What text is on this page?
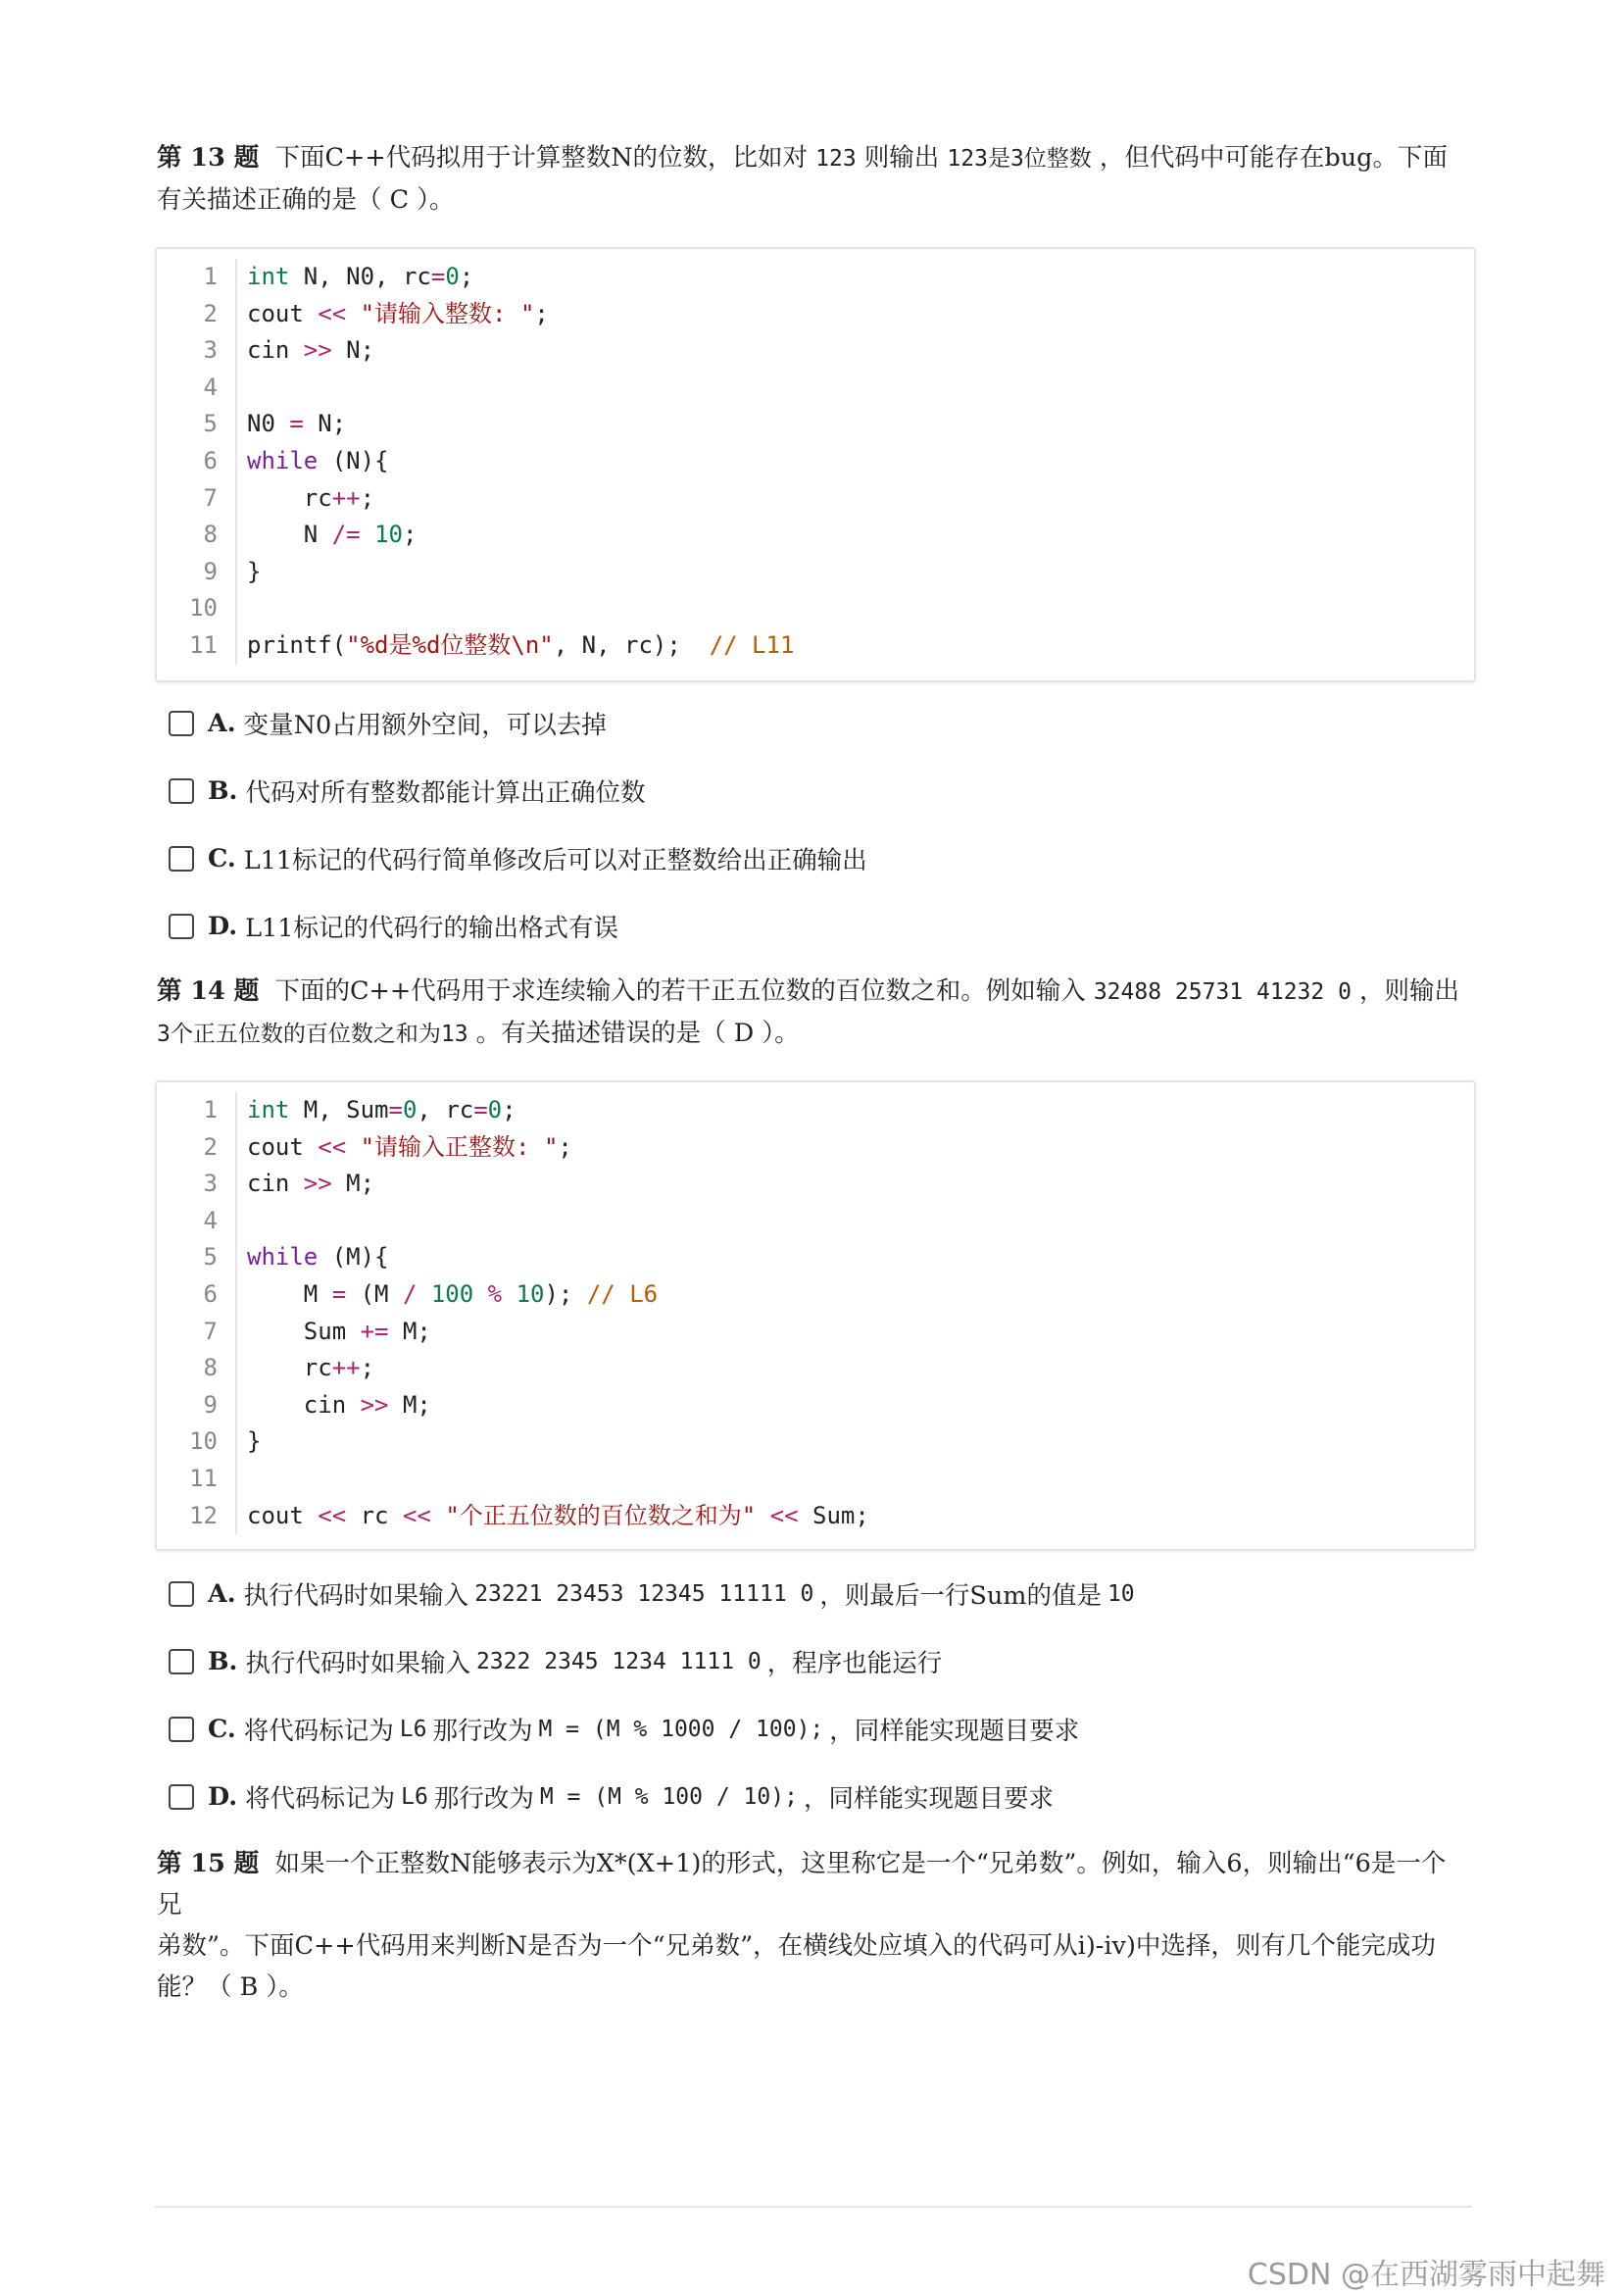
第 13 题 下面C++代码拟用于计算整数N的位数，比如对 123 则输出 123是3位整数 ，但代码中可能存在bug。下面有关描述正确的是（ C ）。
1
2
3
4
5
6
7
8
9
10
11
int N, N0, rc=0;
cout << "请输入整数: ";
cin >> N;

N0 = N;
while (N){
rc++;
N /= 10;
}

printf("%d是%d位整数\n", N, rc);  // L11
A. 变量N0占用额外空间，可以去掉
B. 代码对所有整数都能计算出正确位数
C. L11标记的代码行简单修改后可以对正整数给出正确输出
D. L11标记的代码行的输出格式有误
第 14 题 下面的C++代码用于求连续输入的若干正五位数的百位数之和。例如输入 32488 25731 41232 0 ，则输出 3个正五位数的百位数之和为13 。有关描述错误的是（ D ）。
1
2
3
4
5
6
7
8
9
10
11
12
int M, Sum=0, rc=0;
cout << "请输入正整数: ";
cin >> M;

while (M){
M = (M / 100 % 10); // L6
Sum += M;
rc++;
cin >> M;
}

cout << rc << "个正五位数的百位数之和为" << Sum;
A. 执行代码时如果输入 23221 23453 12345 11111 0 ，则最后一行Sum的值是 10
B. 执行代码时如果输入 2322 2345 1234 1111 0 ，程序也能运行
C. 将代码标记为 L6 那行改为 M = (M % 1000 / 100); ，同样能实现题目要求
D. 将代码标记为 L6 那行改为 M = (M % 100 / 10); ，同样能实现题目要求
第 15 题 如果一个正整数N能够表示为X*(X+1)的形式，这里称它是一个“兄弟数”。例如，输入6，则输出“6是一个兄
弟数”。下面C++代码用来判断N是否为一个“兄弟数”，在横线处应填入的代码可从i)-iv)中选择，则有几个能完成功
能？（ B ）。
CSDN @在西湖雾雨中起舞
